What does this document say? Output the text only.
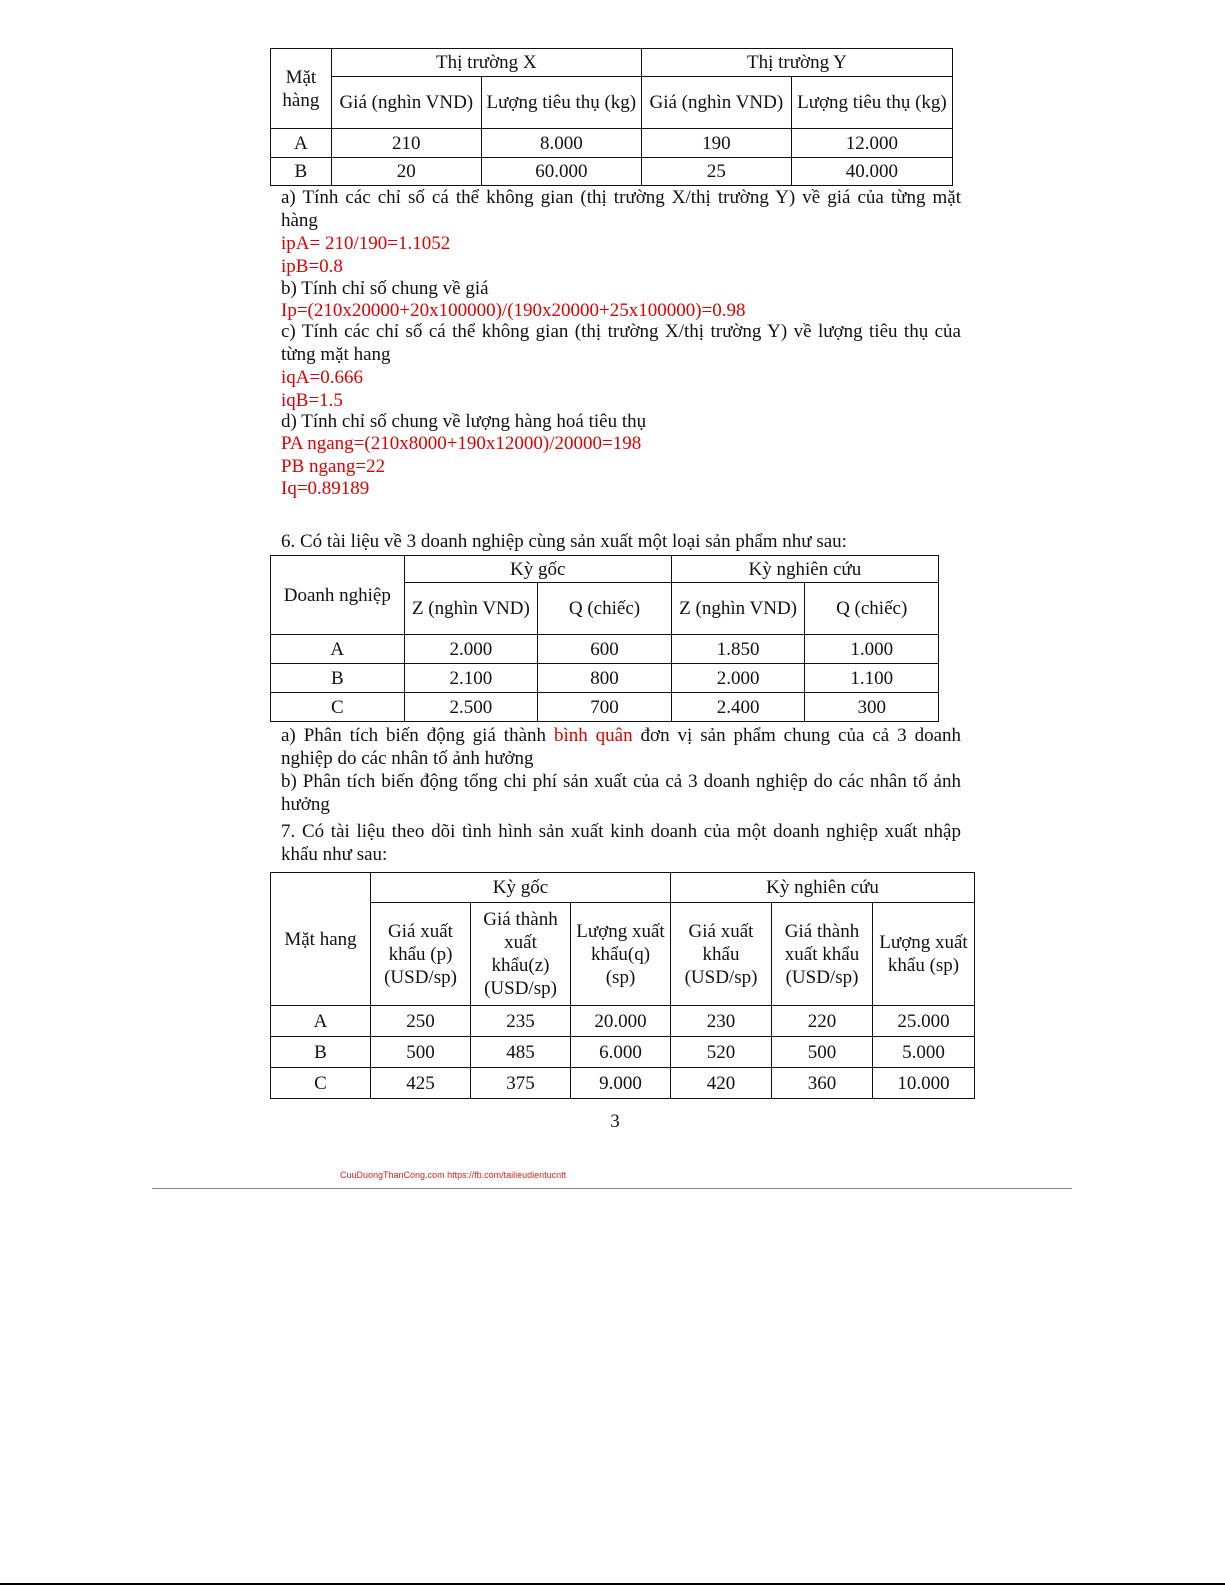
Mặt hàng	Thị trường X		Thị trường Y	
	Giá (nghìn VND)	Lượng tiêu thụ (kg)	Giá (nghìn VND)	Lượng tiêu thụ (kg)
A	210	8.000	190	12.000
B	20	60.000	25	40.000
a) Tính các chỉ số cá thể không gian (thị trường X/thị trường Y) về giá của từng mặt hàng
ipA= 210/190=1.1052
ipB=0.8
b) Tính chỉ số chung về giá
Ip=(210x20000+20x100000)/(190x20000+25x100000)=0.98
c) Tính các chỉ số cá thể không gian (thị trường X/thị trường Y) về lượng tiêu thụ của từng mặt hang
iqA=0.666
iqB=1.5
d) Tính chỉ số chung về lượng hàng hoá tiêu thụ
PA ngang=(210x8000+190x12000)/20000=198
PB ngang=22
Iq=0.89189
6. Có tài liệu về 3 doanh nghiệp cùng sản xuất một loại sản phẩm như sau:
Doanh nghiệp	Kỳ gốc		Kỳ nghiên cứu	
	Z (nghìn VND)	Q (chiếc)	Z (nghìn VND)	Q (chiếc)
A	2.000	600	1.850	1.000
B	2.100	800	2.000	1.100
C	2.500	700	2.400	300
a) Phân tích biến động giá thành bình quân đơn vị sản phẩm chung của cả 3 doanh nghiệp do các nhân tố ảnh hưởng
b) Phân tích biến động tổng chi phí sản xuất của cả 3 doanh nghiệp do các nhân tố ảnh hưởng
7. Có tài liệu theo dõi tình hình sản xuất kinh doanh của một doanh nghiệp xuất nhập khẩu như sau:
Mặt hang	Kỳ gốc			Kỳ nghiên cứu		
	Giá xuất khẩu (p) (USD/sp)	Giá thành xuất khẩu(z) (USD/sp)	Lượng xuất khẩu(q) (sp)	Giá xuất khẩu (USD/sp)	Giá thành xuất khẩu (USD/sp)	Lượng xuất khẩu (sp)
A	250	235	20.000	230	220	25.000
B	500	485	6.000	520	500	5.000
C	425	375	9.000	420	360	10.000
3
CuuDuongThanCong.com https://fb.com/tailieudientucntt
